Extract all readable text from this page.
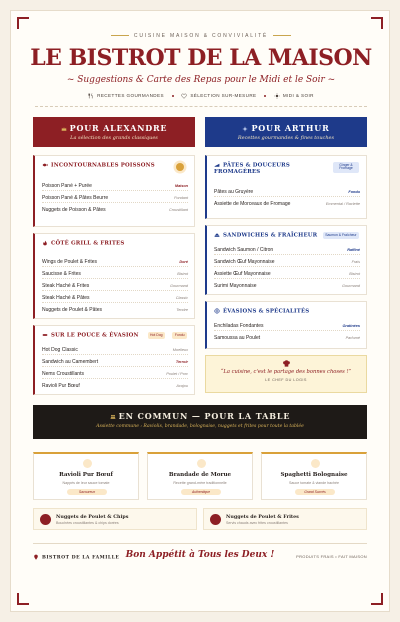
CUISINE MAISON & CONVIVIALITÉ
LE BISTROT DE LA MAISON
~ Suggestions & Carte des Repas pour le Midi et le Soir ~
RECETTES GOURMANDES	SÉLECTION SUR-MESURE	MIDI & SOIR
POUR ALEXANDRE
La sélection des grands classiques
POUR ARTHUR
Recettes gourmandes & fines touches
INCONTOURNABLES POISSONS
Poisson Pané + Purée	Maison
Poisson Pané & Pâtes Beurre	Fondant
Nuggets de Poisson & Pâtes	Croustillant
CÔTÉ GRILL & FRITES
Wings de Poulet & Frites	Doré
Saucisse & Frites	Bistrot
Steak Haché & Frites	Gourmand
Steak Haché & Pâtes	Classic
Nuggets de Poulet & Pâtes	Tendre
SUR LE POUCE & ÉVASION	Hot Dog	Fondu
Hot Dog Classic	Moelleux
Sandwich au Camembert	Terroir
Nems Croustillants	Poulet / Porc
Ravioli Pur Bœuf	Acajou
PÂTES & DOUCEURS FROMAGÈRES
Ginger & Fromage
Pâtes au Gruyère	Fondu
Assiette de Morceaux de Fromage	Emmental / Raclette
SANDWICHES & FRAÎCHEUR	Saumon & Fraîcheur
Sandwich Saumon / Citron	Raffiné
Sandwich Œuf Mayonnaise	Frais
Assiette Œuf Mayonnaise	Bistrot
Surimi Mayonnaise	Gourmand
ÉVASIONS & SPÉCIALITÉS
Enchiladas Fondantes	Gratinées
Samoussa au Poulet	Parfumé
“La cuisine, c'est le partage des bonnes choses !”
LE CHEF DU LOGIS
EN COMMUN — POUR LA TABLE
Assiette commune : Raviolis, brandade, bolognaise, nuggets et frites pour toute la tablée
Ravioli Pur Bœuf
Nappés de leur sauce tomate
Savoureux
Brandade de Morue
Recette grand-mère traditionnelle
Authentique
Spaghetti Bolognaise
Sauce tomate & viande hachée
Grand Succès
Nuggets de Poulet & Chips
Bouchées croustillantes & chips dorées
Nuggets de Poulet & Frites
Servis chauds avec frites croustillantes
BISTROT DE LA FAMILLE Bon Appétit à Tous les Deux !	PRODUITS FRAIS • FAIT MAISON
